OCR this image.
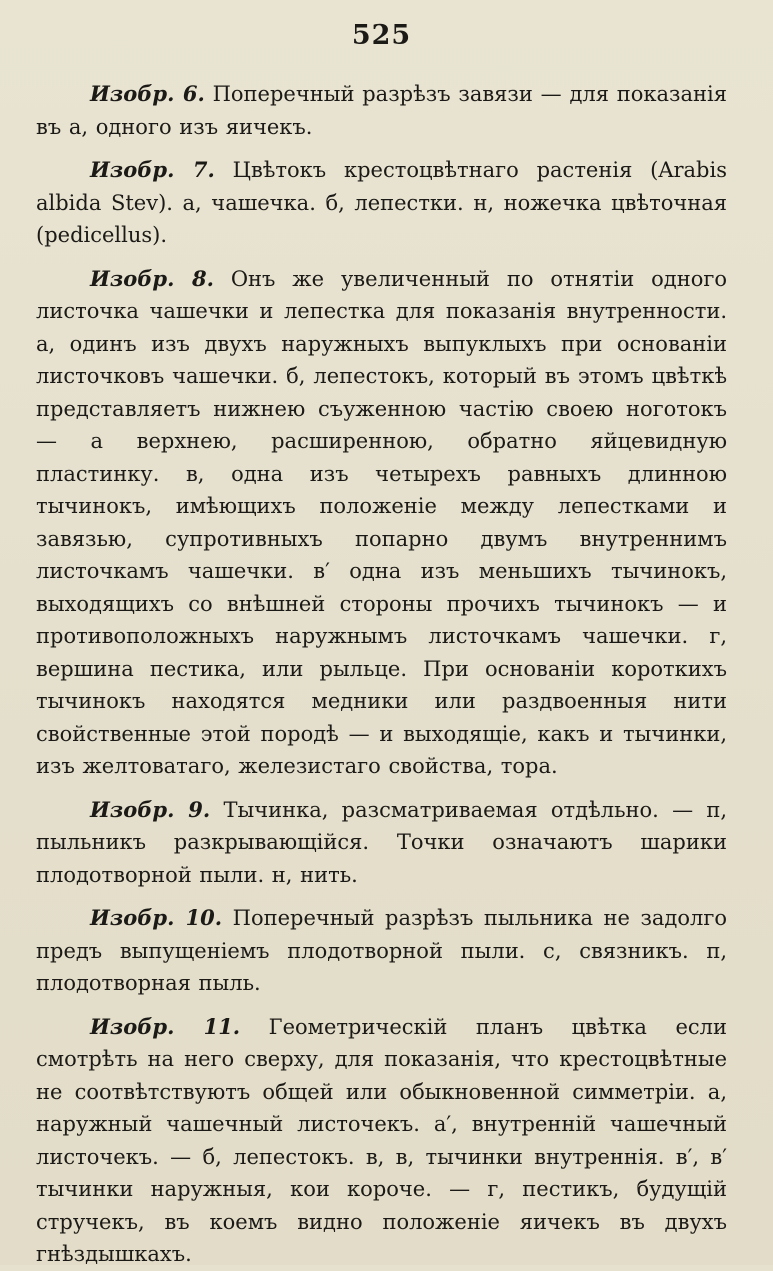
525

Изобр. 6. Поперечный разрѣзъ завязи — для показанія въ а, одного изъ яичекъ.

Изобр. 7. Цвѣтокъ крестоцвѣтнаго растенія (Arabis albida Stev). а, чашечка. б, лепестки. н, ножечка цвѣточная (pedicellus).

Изобр. 8. Онъ же увеличенный по отнятіи одного листочка чашечки и лепестка для показанія внутренности. а, одинъ изъ двухъ наружныхъ выпуклыхъ при основаніи листочковъ чашечки. б, лепестокъ, который въ этомъ цвѣткѣ представляетъ нижнею съуженною частію своею ноготокъ — а верхнею, расширенною, обратно яйцевидную пластинку. в, одна изъ четырехъ равныхъ длинною тычинокъ, имѣющихъ положеніе между лепестками и завязью, супротивныхъ попарно двумъ внутреннимъ листочкамъ чашечки. в′ одна изъ меньшихъ тычинокъ, выходящихъ со внѣшней стороны прочихъ тычинокъ — и противоположныхъ наружнымъ листочкамъ чашечки. г, вершина пестика, или рыльце. При основаніи короткихъ тычинокъ находятся медники или раздвоенныя нити свойственные этой породѣ — и выходящіе, какъ и тычинки, изъ желтоватаго, железистаго свойства, тора.

Изобр. 9. Тычинка, разсматриваемая отдѣльно. — п, пыльникъ разкрывающійся. Точки означаютъ шарики плодотворной пыли. н, нить.

Изобр. 10. Поперечный разрѣзъ пыльника не задолго предъ выпущеніемъ плодотворной пыли. с, связникъ. п, плодотворная пыль.

Изобр. 11. Геометрическій планъ цвѣтка если смотрѣть на него сверху, для показанія, что крестоцвѣтные не соотвѣтствуютъ общей или обыкновенной симметріи. а, наружный чашечный листочекъ. а′, внутренній чашечный листочекъ. — б, лепестокъ. в, в, тычинки внутреннія. в′, в′ тычинки наружныя, кои короче. — г, пестикъ, будущій стручекъ, въ коемъ видно положеніе яичекъ въ двухъ гнѣздышкахъ.
